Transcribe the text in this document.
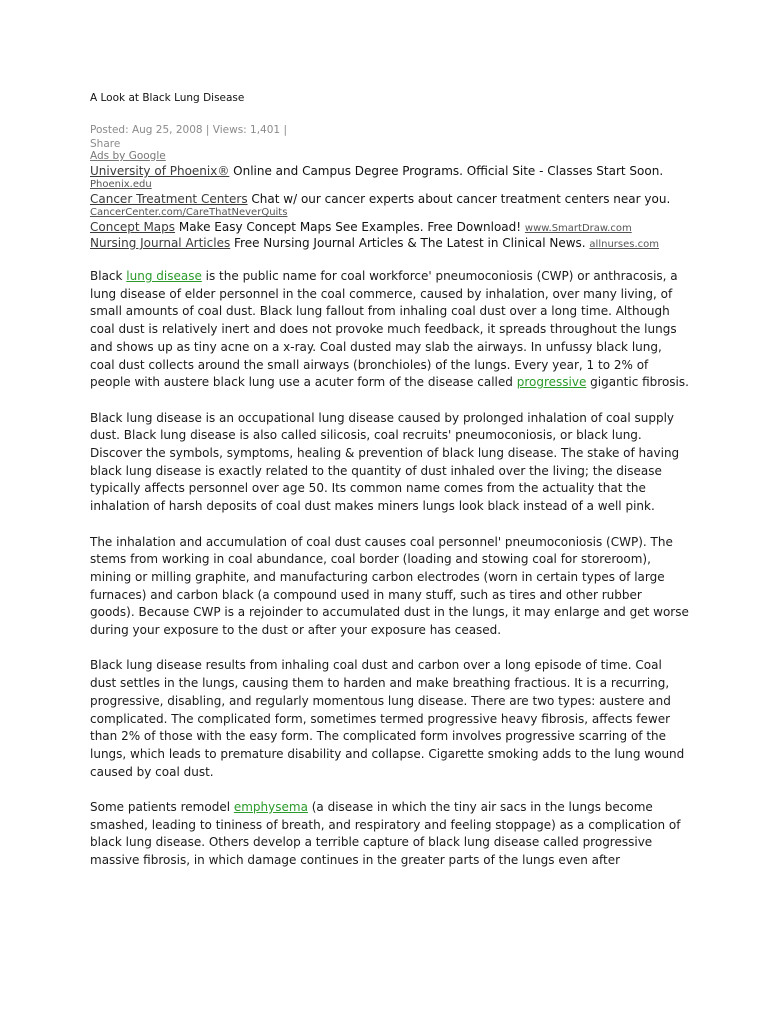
A Look at Black Lung Disease
Posted: Aug 25, 2008 | Views: 1,401 |
Share
Ads by Google
University of Phoenix® Online and Campus Degree Programs. Official Site - Classes Start Soon.
Phoenix.edu
Cancer Treatment Centers Chat w/ our cancer experts about cancer treatment centers near you.
CancerCenter.com/CareThatNeverQuits
Concept Maps Make Easy Concept Maps See Examples. Free Download! www.SmartDraw.com
Nursing Journal Articles Free Nursing Journal Articles & The Latest in Clinical News. allnurses.com

Black lung disease is the public name for coal workforce' pneumoconiosis (CWP) or anthracosis, a lung disease of elder personnel in the coal commerce, caused by inhalation, over many living, of small amounts of coal dust. Black lung fallout from inhaling coal dust over a long time. Although coal dust is relatively inert and does not provoke much feedback, it spreads throughout the lungs and shows up as tiny acne on a x-ray. Coal dusted may slab the airways. In unfussy black lung, coal dust collects around the small airways (bronchioles) of the lungs. Every year, 1 to 2% of people with austere black lung use a acuter form of the disease called progressive gigantic fibrosis.

Black lung disease is an occupational lung disease caused by prolonged inhalation of coal supply dust. Black lung disease is also called silicosis, coal recruits' pneumoconiosis, or black lung. Discover the symbols, symptoms, healing & prevention of black lung disease. The stake of having black lung disease is exactly related to the quantity of dust inhaled over the living; the disease typically affects personnel over age 50. Its common name comes from the actuality that the inhalation of harsh deposits of coal dust makes miners lungs look black instead of a well pink.

The inhalation and accumulation of coal dust causes coal personnel' pneumoconiosis (CWP). The stems from working in coal abundance, coal border (loading and stowing coal for storeroom), mining or milling graphite, and manufacturing carbon electrodes (worn in certain types of large furnaces) and carbon black (a compound used in many stuff, such as tires and other rubber goods). Because CWP is a rejoinder to accumulated dust in the lungs, it may enlarge and get worse during your exposure to the dust or after your exposure has ceased.

Black lung disease results from inhaling coal dust and carbon over a long episode of time. Coal dust settles in the lungs, causing them to harden and make breathing fractious. It is a recurring, progressive, disabling, and regularly momentous lung disease. There are two types: austere and complicated. The complicated form, sometimes termed progressive heavy fibrosis, affects fewer than 2% of those with the easy form. The complicated form involves progressive scarring of the lungs, which leads to premature disability and collapse. Cigarette smoking adds to the lung wound caused by coal dust.

Some patients remodel emphysema (a disease in which the tiny air sacs in the lungs become smashed, leading to tininess of breath, and respiratory and feeling stoppage) as a complication of black lung disease. Others develop a terrible capture of black lung disease called progressive massive fibrosis, in which damage continues in the greater parts of the lungs even after
